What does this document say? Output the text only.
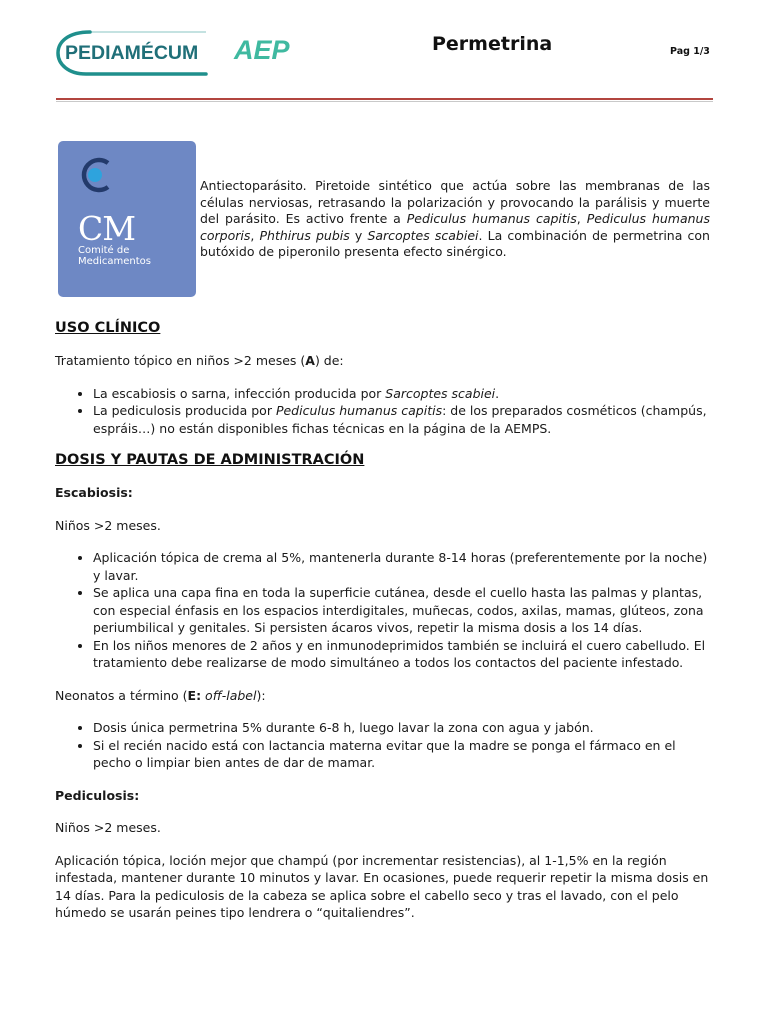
PEDIAMÉCUM AEP	Permetrina	Pag 1/3
CM
Comité de
Medicamentos
Antiectoparásito. Piretoide sintético que actúa sobre las membranas de las células nerviosas, retrasando la polarización y provocando la parálisis y muerte del parásito. Es activo frente a Pediculus humanus capitis, Pediculus humanus corporis, Phthirus pubis y Sarcoptes scabiei. La combinación de permetrina con butóxido de piperonilo presenta efecto sinérgico.
USO CLÍNICO

Tratamiento tópico en niños >2 meses (A) de:

• La escabiosis o sarna, infección producida por Sarcoptes scabiei.
• La pediculosis producida por Pediculus humanus capitis: de los preparados cosméticos (champús, espráis…) no están disponibles fichas técnicas en la página de la AEMPS.
DOSIS Y PAUTAS DE ADMINISTRACIÓN

Escabiosis:

Niños >2 meses.

• Aplicación tópica de crema al 5%, mantenerla durante 8-14 horas (preferentemente por la noche) y lavar.
• Se aplica una capa fina en toda la superficie cutánea, desde el cuello hasta las palmas y plantas, con especial énfasis en los espacios interdigitales, muñecas, codos, axilas, mamas, glúteos, zona periumbilical y genitales. Si persisten ácaros vivos, repetir la misma dosis a los 14 días.
• En los niños menores de 2 años y en inmunodeprimidos también se incluirá el cuero cabelludo. El tratamiento debe realizarse de modo simultáneo a todos los contactos del paciente infestado.

Neonatos a término (E: off-label):

• Dosis única permetrina 5% durante 6-8 h, luego lavar la zona con agua y jabón.
• Si el recién nacido está con lactancia materna evitar que la madre se ponga el fármaco en el pecho o limpiar bien antes de dar de mamar.

Pediculosis:

Niños >2 meses.

Aplicación tópica, loción mejor que champú (por incrementar resistencias), al 1-1,5% en la región infestada, mantener durante 10 minutos y lavar. En ocasiones, puede requerir repetir la misma dosis en 14 días. Para la pediculosis de la cabeza se aplica sobre el cabello seco y tras el lavado, con el pelo húmedo se usarán peines tipo lendrera o “quitaliendres”.
